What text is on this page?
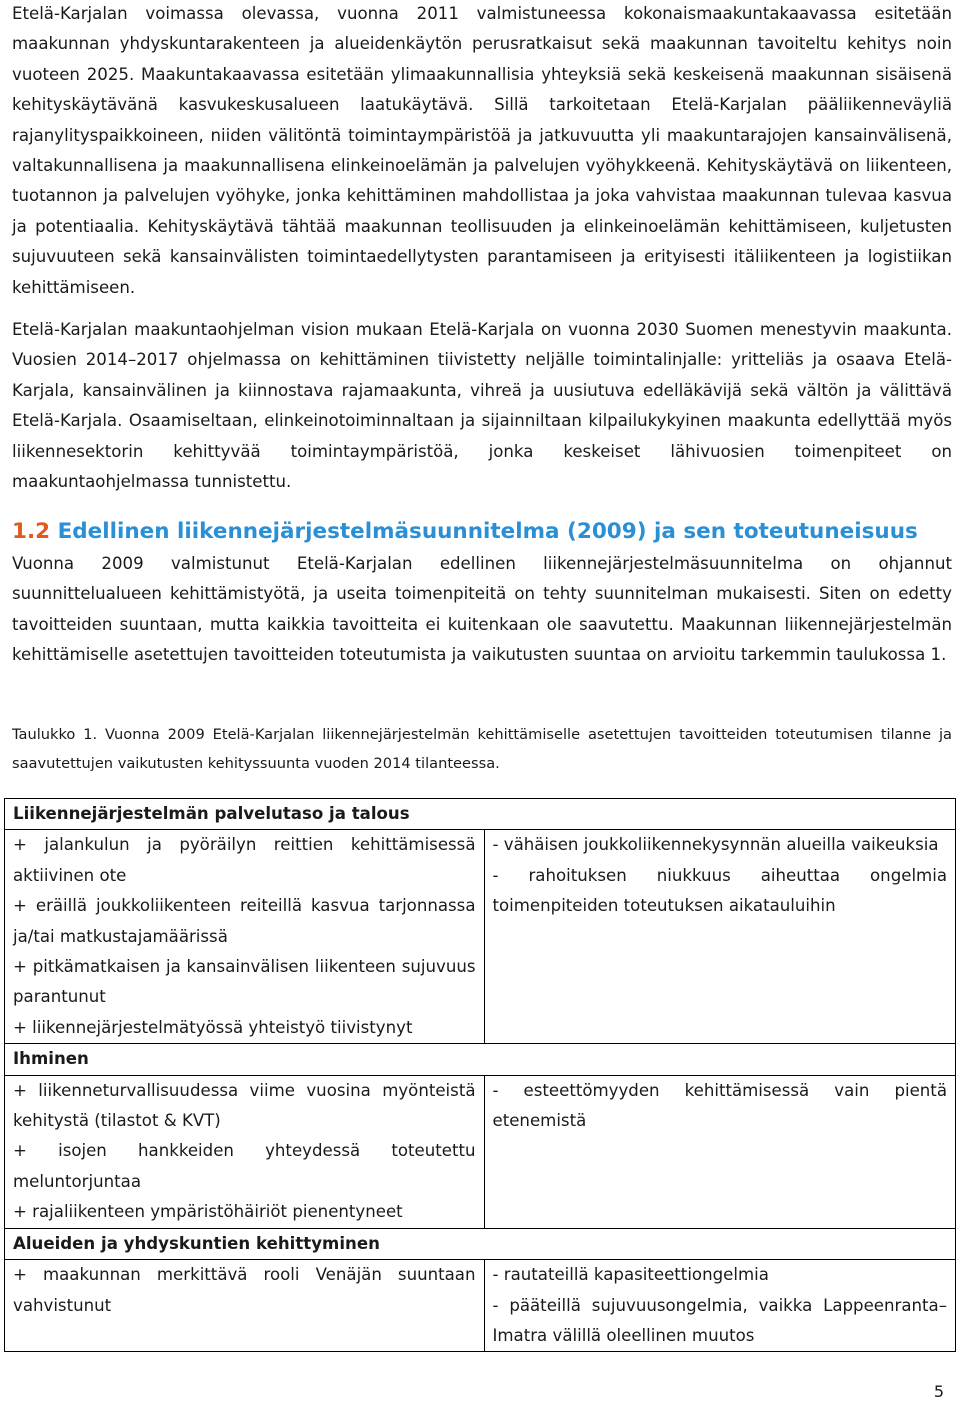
Etelä-Karjalan voimassa olevassa, vuonna 2011 valmistuneessa kokonaismaakuntakaavassa esitetään maakunnan yhdyskuntarakenteen ja alueidenkäytön perusratkaisut sekä maakunnan tavoiteltu kehitys noin vuoteen 2025. Maakuntakaavassa esitetään ylimaakunnallisia yhteyksiä sekä keskeisenä maakunnan sisäisenä kehityskäytävänä kasvukeskusalueen laatukäytävä. Sillä tarkoitetaan Etelä-Karjalan pääliikenneväyliä rajanylityspaikkoineen, niiden välitöntä toimintaympäristöä ja jatkuvuutta yli maakuntarajojen kansainvälisenä, valtakunnallisena ja maakunnallisena elinkeinoelämän ja palvelujen vyöhykkeenä. Kehityskäytävä on liikenteen, tuotannon ja palvelujen vyöhyke, jonka kehittäminen mahdollistaa ja joka vahvistaa maakunnan tulevaa kasvua ja potentiaalia. Kehityskäytävä tähtää maakunnan teollisuuden ja elinkeinoelämän kehittämiseen, kuljetusten sujuvuuteen sekä kansainvälisten toimintaedellytysten parantamiseen ja erityisesti itäliikenteen ja logistiikan kehittämiseen.

Etelä-Karjalan maakuntaohjelman vision mukaan Etelä-Karjala on vuonna 2030 Suomen menestyvin maakunta. Vuosien 2014–2017 ohjelmassa on kehittäminen tiivistetty neljälle toimintalinjalle: yritteliäs ja osaava Etelä-Karjala, kansainvälinen ja kiinnostava rajamaakunta, vihreä ja uusiutuva edelläkävijä sekä vältön ja välittävä Etelä-Karjala. Osaamiseltaan, elinkeinotoiminnaltaan ja sijainniltaan kilpailukykyinen maakunta edellyttää myös liikennesektorin kehittyvää toimintaympäristöä, jonka keskeiset lähivuosien toimenpiteet on maakuntaohjelmassa tunnistettu.

1.2 Edellinen liikennejärjestelmäsuunnitelma (2009) ja sen toteutuneisuus

Vuonna 2009 valmistunut Etelä-Karjalan edellinen liikennejärjestelmäsuunnitelma on ohjannut suunnittelualueen kehittämistyötä, ja useita toimenpiteitä on tehty suunnitelman mukaisesti. Siten on edetty tavoitteiden suuntaan, mutta kaikkia tavoitteita ei kuitenkaan ole saavutettu. Maakunnan liikennejärjestelmän kehittämiselle asetettujen tavoitteiden toteutumista ja vaikutusten suuntaa on arvioitu tarkemmin taulukossa 1.

Taulukko 1. Vuonna 2009 Etelä-Karjalan liikennejärjestelmän kehittämiselle asetettujen tavoitteiden toteutumisen tilanne ja saavutettujen vaikutusten kehityssuunta vuoden 2014 tilanteessa.

Liikennejärjestelmän palvelutaso ja talous	

+ jalankulun ja pyöräilyn reittien kehittämisessä aktiivinen ote
+ eräillä joukkoliikenteen reiteillä kasvua tarjonnassa ja/tai matkustajamäärissä
+ pitkämatkaisen ja kansainvälisen liikenteen sujuvuus parantunut
+ liikennejärjestelmätyössä yhteistyö tiivistynyt	- vähäisen joukkoliikennekysynnän alueilla vaikeuksia
- rahoituksen niukkuus aiheuttaa ongelmia toimenpiteiden toteutuksen aikatauluihin

Ihminen	

+ liikenneturvallisuudessa viime vuosina myönteistä kehitystä (tilastot & KVT)
+ isojen hankkeiden yhteydessä toteutettu meluntorjuntaa
+ rajaliikenteen ympäristöhäiriöt pienentyneet	- esteettömyyden kehittämisessä vain pientä etenemistä

Alueiden ja yhdyskuntien kehittyminen	

+ maakunnan merkittävä rooli Venäjän suuntaan vahvistunut	- rautateillä kapasiteettiongelmia
- pääteillä sujuvuusongelmia, vaikka Lappeenranta–Imatra välillä oleellinen muutos

5
